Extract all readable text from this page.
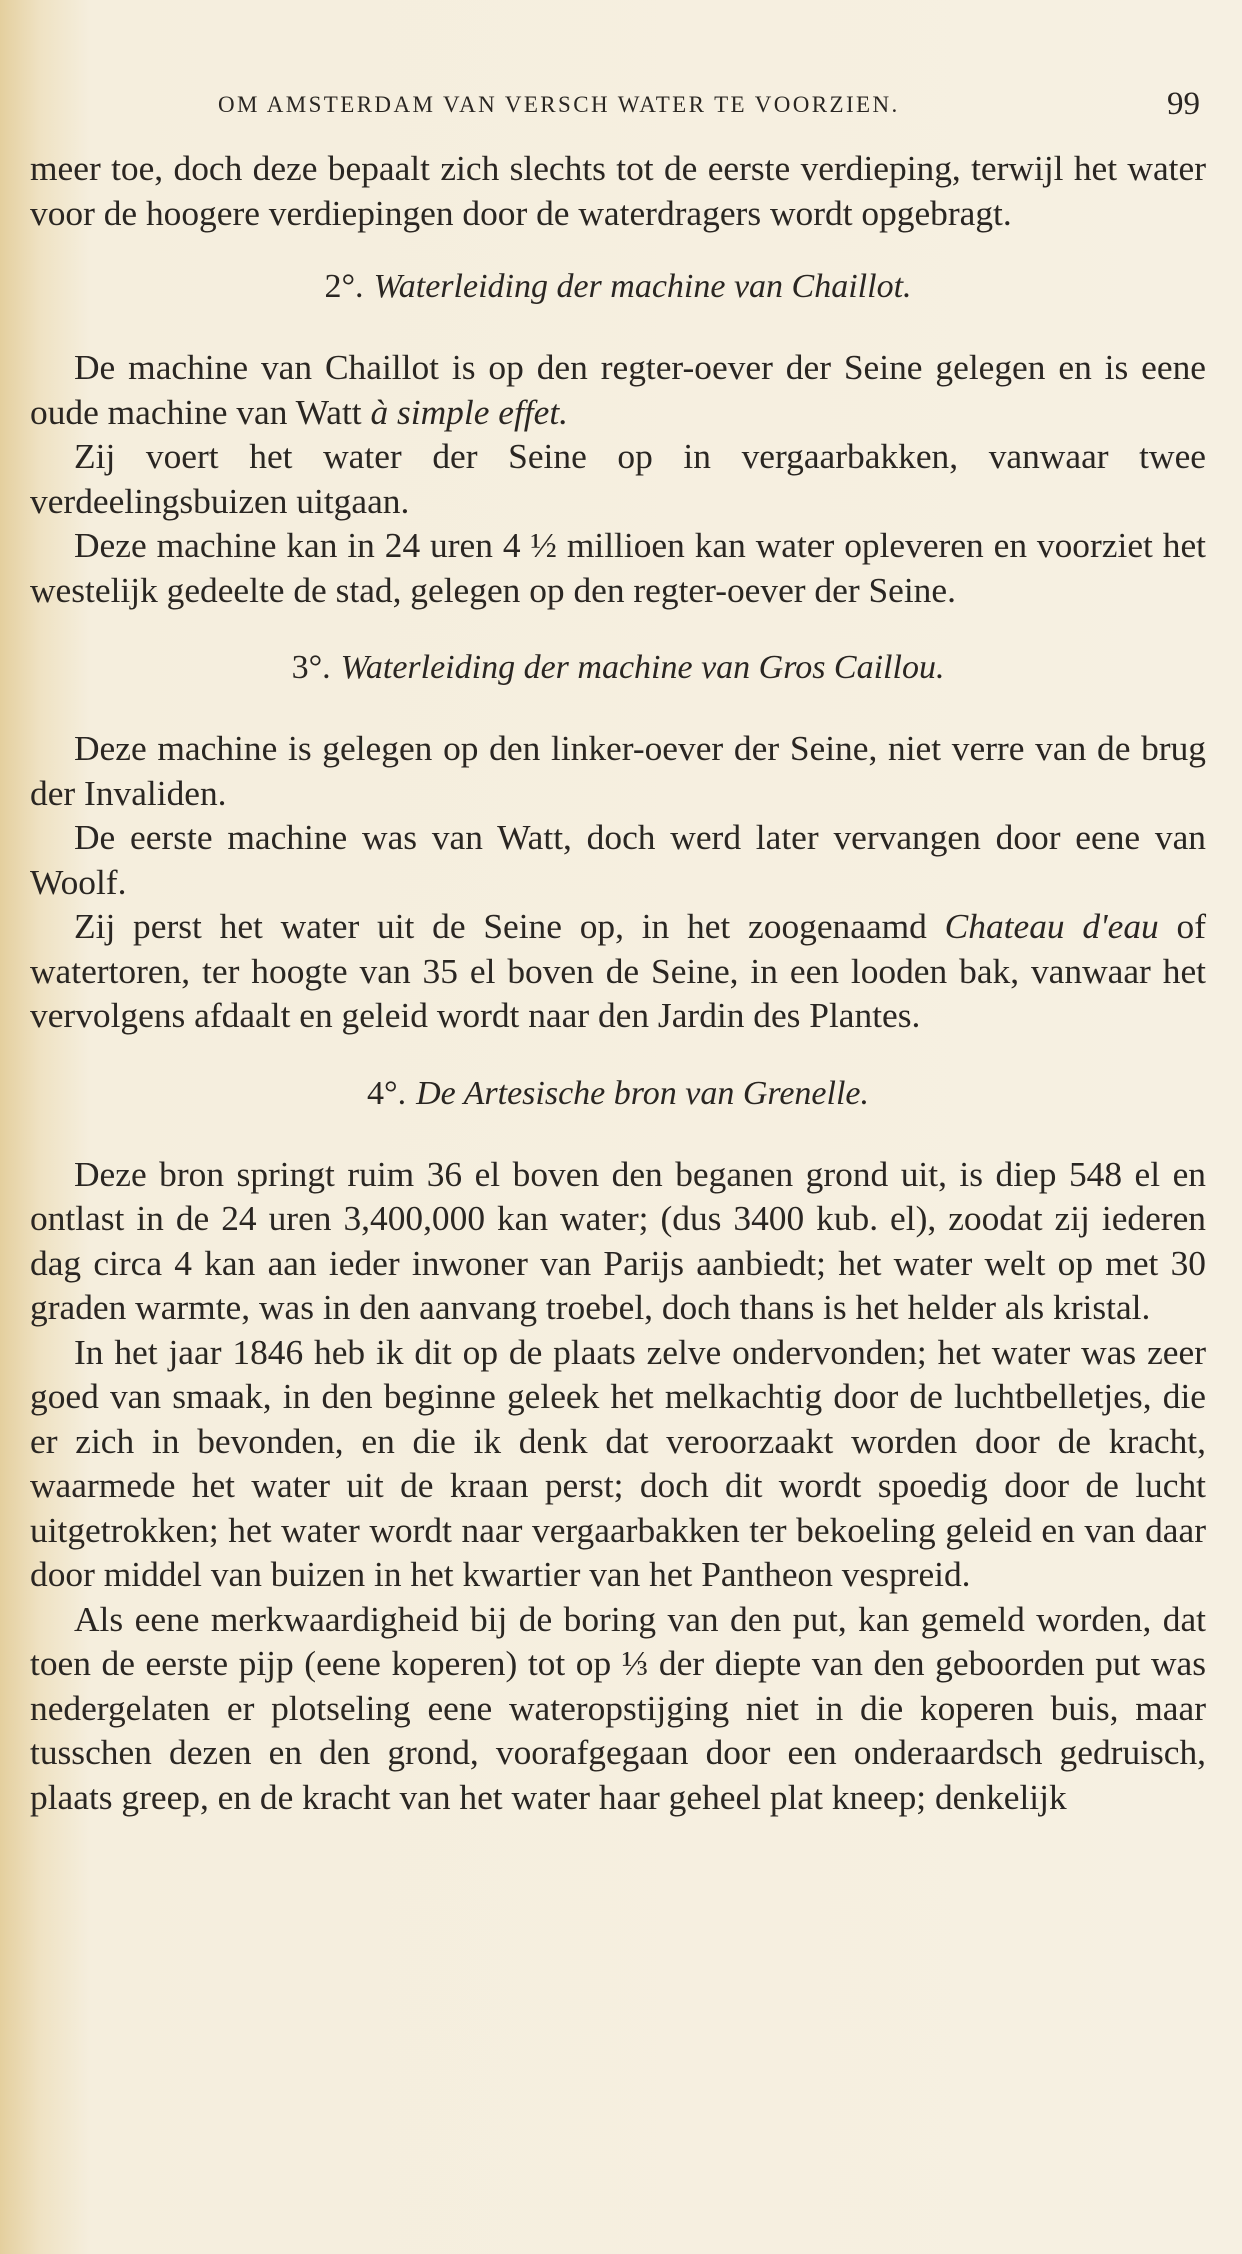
OM AMSTERDAM VAN VERSCH WATER TE VOORZIEN.	99

meer toe, doch deze bepaalt zich slechts tot de eerste verdieping, terwijl het water voor de hoogere verdiepingen door de waterdragers wordt opgebragt.

2°. Waterleiding der machine van Chaillot.

De machine van Chaillot is op den regter-oever der Seine gelegen en is eene oude machine van Watt à simple effet.

Zij voert het water der Seine op in vergaarbakken, vanwaar twee verdeelingsbuizen uitgaan.

Deze machine kan in 24 uren 4 ½ millioen kan water opleveren en voorziet het westelijk gedeelte de stad, gelegen op den regter-oever der Seine.

3°. Waterleiding der machine van Gros Caillou.

Deze machine is gelegen op den linker-oever der Seine, niet verre van de brug der Invaliden.

De eerste machine was van Watt, doch werd later vervangen door eene van Woolf.

Zij perst het water uit de Seine op, in het zoogenaamd Chateau d'eau of watertoren, ter hoogte van 35 el boven de Seine, in een looden bak, vanwaar het vervolgens afdaalt en geleid wordt naar den Jardin des Plantes.

4°. De Artesische bron van Grenelle.

Deze bron springt ruim 36 el boven den beganen grond uit, is diep 548 el en ontlast in de 24 uren 3,400,000 kan water; (dus 3400 kub. el), zoodat zij iederen dag circa 4 kan aan ieder inwoner van Parijs aanbiedt; het water welt op met 30 graden warmte, was in den aanvang troebel, doch thans is het helder als kristal.

In het jaar 1846 heb ik dit op de plaats zelve ondervonden; het water was zeer goed van smaak, in den beginne geleek het melkachtig door de luchtbelletjes, die er zich in bevonden, en die ik denk dat veroorzaakt worden door de kracht, waarmede het water uit de kraan perst; doch dit wordt spoedig door de lucht uitgetrokken; het water wordt naar vergaarbakken ter bekoeling geleid en van daar door middel van buizen in het kwartier van het Pantheon vespreid.

Als eene merkwaardigheid bij de boring van den put, kan gemeld worden, dat toen de eerste pijp (eene koperen) tot op ⅓ der diepte van den geboorden put was nedergelaten er plotseling eene wateropstijging niet in die koperen buis, maar tusschen dezen en den grond, voorafgegaan door een onderaardsch gedruisch, plaats greep, en de kracht van het water haar geheel plat kneep; denkelijk
